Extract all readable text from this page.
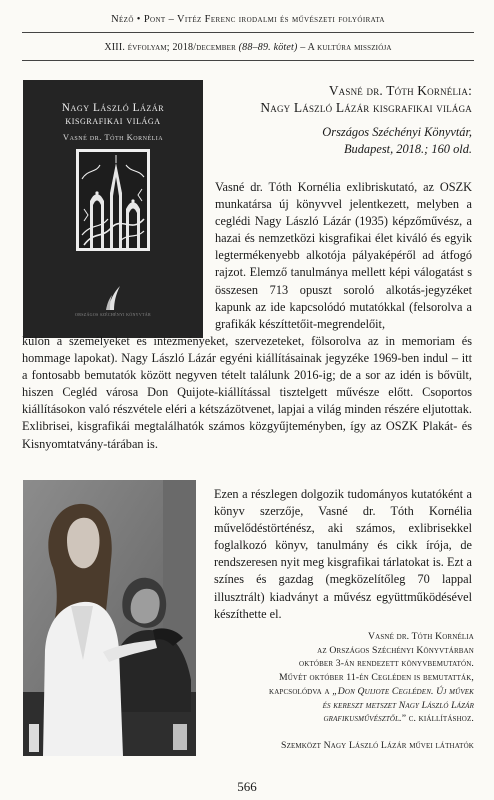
Néző • Pont – Vitéz Ferenc irodalmi és művészeti folyóirata
XIII. évfolyam; 2018/december (88–89. kötet) – A kultúra missziója
Nagy László Lázár
kisgrafikai világa
Vasné dr. Tóth Kornélia
ORSZÁGOS SZÉCHÉNYI KÖNYVTÁR
Vasné dr. Tóth Kornélia:
Nagy László Lázár kisgrafikai világa
Országos Széchényi Könyvtár,
Budapest, 2018.; 160 old.
Vasné dr. Tóth Kornélia exlibriskutató, az OSZK munkatársa új könyvvel jelentkezett, melyben a ceglédi Nagy László Lázár (1935) képzőművész, a hazai és nemzetközi kisgrafikai élet kiváló és egyik legtermékenyebb alkotója pályaképéről ad átfogó rajzot. Elemző tanulmánya mellett képi válogatást s összesen 713 opuszt soroló alkotás-jegyzéket kapunk az ide kapcsolódó mutatókkal (felsorolva a grafikák készíttetőit-megrendelőit,
külön a személyeket és intézményeket, szervezeteket, fölsorolva az in memoriam és hommage lapokat). Nagy László Lázár egyéni kiállításainak jegyzéke 1969-ben indul – itt a fontosabb bemutatók között negyven tételt találunk 2016-ig; de a sor az idén is bővült, hiszen Cegléd városa Don Quijote-kiállítással tisztelgett művésze előtt. Csoportos kiállításokon való részvétele eléri a kétszázötvenet, lapjai a világ minden részére eljutottak. Exlibrisei, kisgrafikái megtalálhatók számos közgyűjteményben, így az OSZK Plakát- és Kisnyomtatvány-tárában is.
Ezen a részlegen dolgozik tudományos kutatóként a könyv szerzője, Vasné dr. Tóth Kornélia művelődéstörténész, aki számos, exlibrisekkel foglalkozó könyv, tanulmány és cikk írója, de rendszeresen nyit meg kisgrafikai tárlatokat is. Ezt a színes és gazdag (megközelítőleg 70 lappal illusztrált) kiadványt a művész együttműködésével készíthette el.
Vasné dr. Tóth Kornélia
az Országos Széchényi Könyvtárban
október 3-án rendezett könyvbemutatón.
Művét október 11-én Cegléden is bemutatták,
kapcsolódva a „Don Quijote Cegléden. Új művek
és kereszt metszet Nagy László Lázár
grafikusművésztől.” c. kiállításhoz.
Szemközt Nagy László Lázár művei láthatók
566
